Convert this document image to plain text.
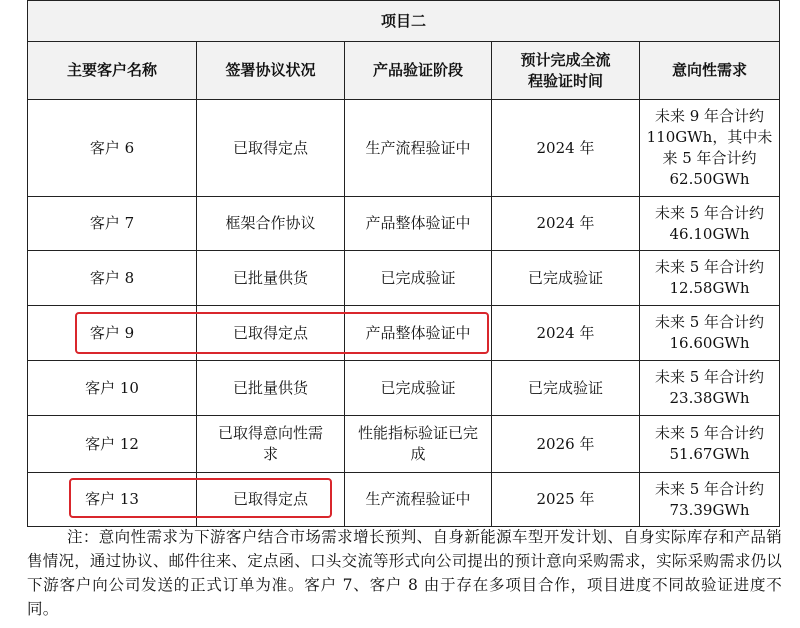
项目二				
主要客户名称	签署协议状况	产品验证阶段	预计完成全流程验证时间	意向性需求
客户 6	已取得定点	生产流程验证中	2024 年	未来 9 年合计约 110GWh，其中未来 5 年合计约 62.50GWh
客户 7	框架合作协议	产品整体验证中	2024 年	未来 5 年合计约 46.10GWh
客户 8	已批量供货	已完成验证	已完成验证	未来 5 年合计约 12.58GWh
客户 9	已取得定点	产品整体验证中	2024 年	未来 5 年合计约 16.60GWh
客户 10	已批量供货	已完成验证	已完成验证	未来 5 年合计约 23.38GWh
客户 12	已取得意向性需求	性能指标验证已完成	2026 年	未来 5 年合计约 51.67GWh
客户 13	已取得定点	生产流程验证中	2025 年	未来 5 年合计约 73.39GWh
注：意向性需求为下游客户结合市场需求增长预判、自身新能源车型开发计划、自身实际库存和产品销售情况，通过协议、邮件往来、定点函、口头交流等形式向公司提出的预计意向采购需求，实际采购需求仍以下游客户向公司发送的正式订单为准。客户 7、客户 8 由于存在多项目合作，项目进度不同故验证进度不同。
